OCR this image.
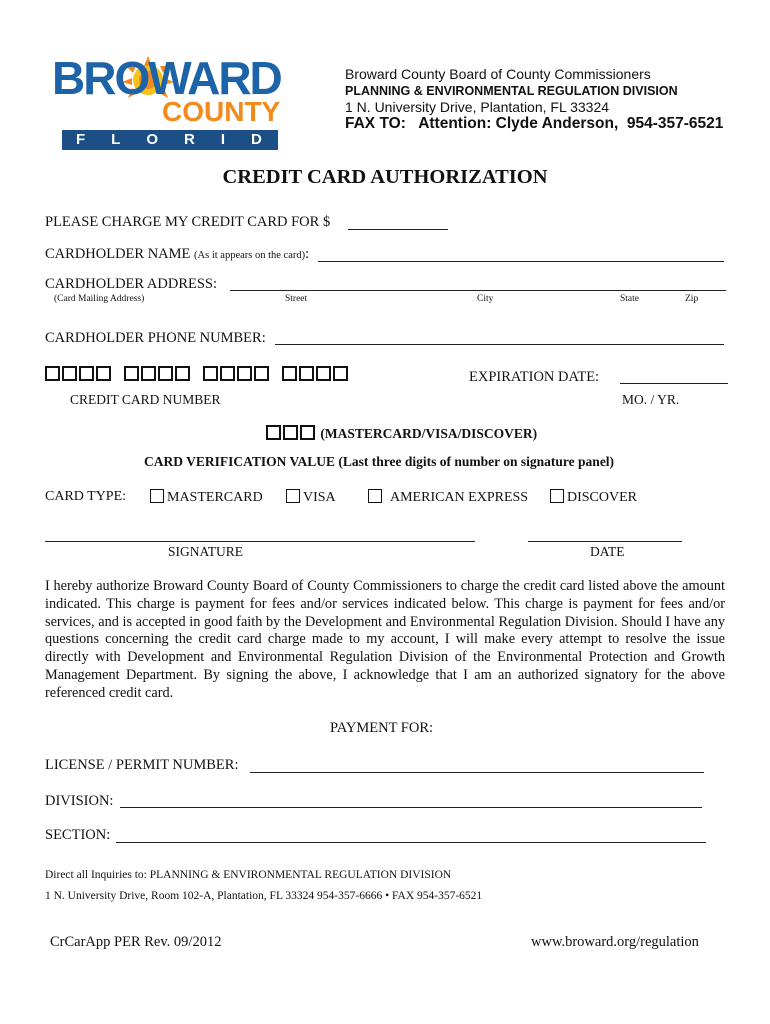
BROWARD
COUNTY
FLORIDA
Broward County Board of County Commissioners
PLANNING & ENVIRONMENTAL REGULATION DIVISION
1 N. University Drive, Plantation, FL 33324
FAX TO:   Attention: Clyde Anderson,  954-357-6521
CREDIT CARD AUTHORIZATION
PLEASE CHARGE MY CREDIT CARD FOR $
CARDHOLDER NAME (As it appears on the card):
CARDHOLDER ADDRESS:
(Card Mailing Address)	Street	City	State	Zip
CARDHOLDER PHONE NUMBER:
CREDIT CARD NUMBER
EXPIRATION DATE:
MO. / YR.
(MASTERCARD/VISA/DISCOVER)
CARD VERIFICATION VALUE (Last three digits of number on signature panel)
CARD TYPE:	MASTERCARD	VISA	AMERICAN EXPRESS	DISCOVER
SIGNATURE	DATE
I hereby authorize Broward County Board of County Commissioners to charge the credit card listed above the amount indicated. This charge is payment for fees and/or services indicated below. This charge is payment for fees and/or services, and is accepted in good faith by the Development and Environmental Regulation Division. Should I have any questions concerning the credit card charge made to my account, I will make every attempt to resolve the issue directly with Development and Environmental Regulation Division of the Environmental Protection and Growth Management Department. By signing the above, I acknowledge that I am an authorized signatory for the above referenced credit card.
PAYMENT FOR:
LICENSE / PERMIT NUMBER:
DIVISION:
SECTION:
Direct all Inquiries to: PLANNING & ENVIRONMENTAL REGULATION DIVISION
1 N. University Drive, Room 102-A, Plantation, FL 33324 954-357-6666 • FAX 954-357-6521
CrCarApp PER Rev. 09/2012	www.broward.org/regulation
